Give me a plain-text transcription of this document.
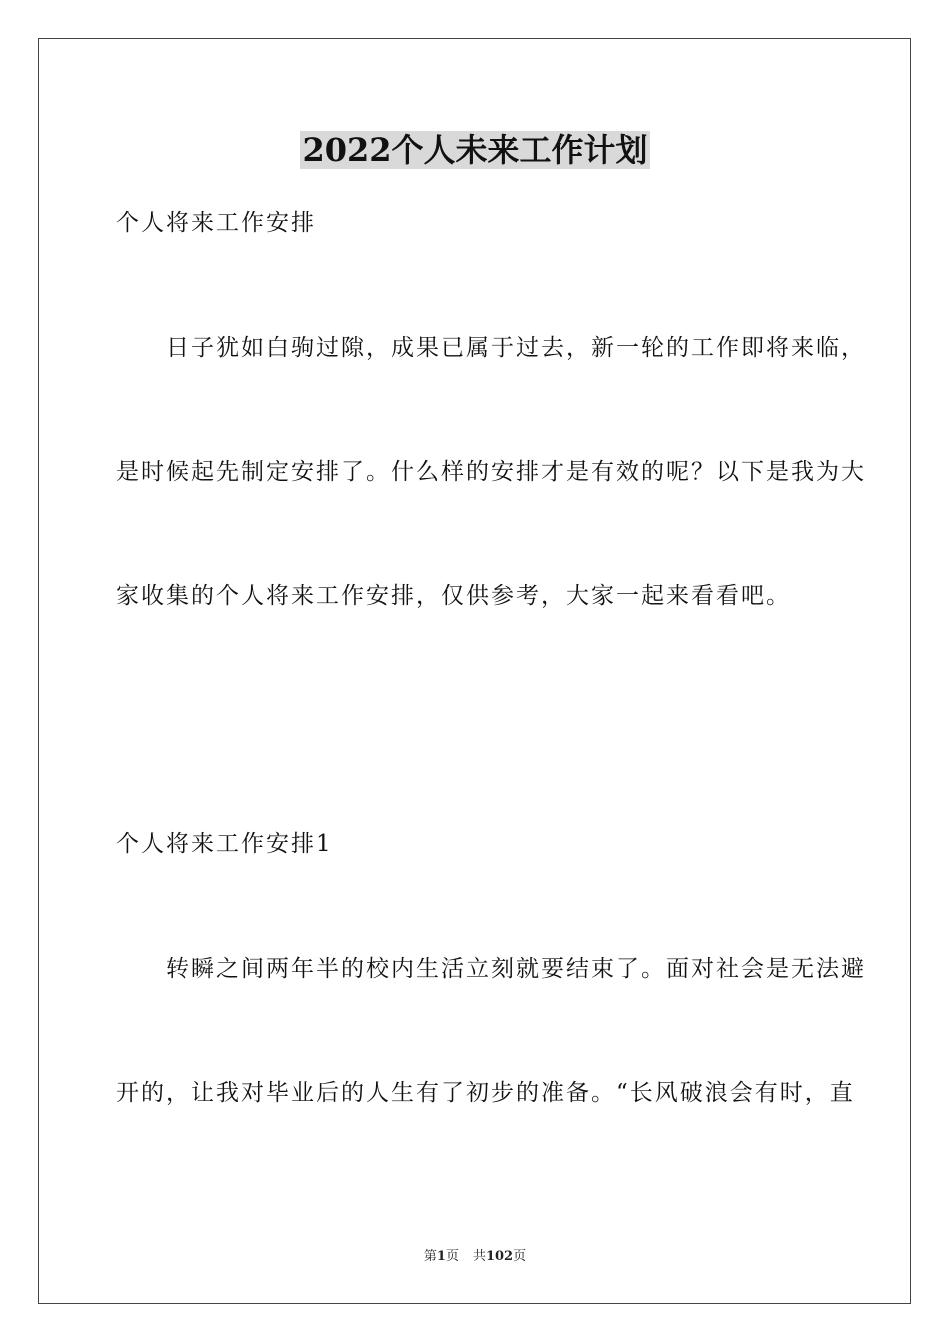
2022个人未来工作计划
个人将来工作安排
日子犹如白驹过隙，成果已属于过去，新一轮的工作即将来临，
是时候起先制定安排了。什么样的安排才是有效的呢？以下是我为大
家收集的个人将来工作安排，仅供参考，大家一起来看看吧。
个人将来工作安排1
转瞬之间两年半的校内生活立刻就要结束了。面对社会是无法避
开的，让我对毕业后的人生有了初步的准备。“长风破浪会有时，直
第1页 共102页
